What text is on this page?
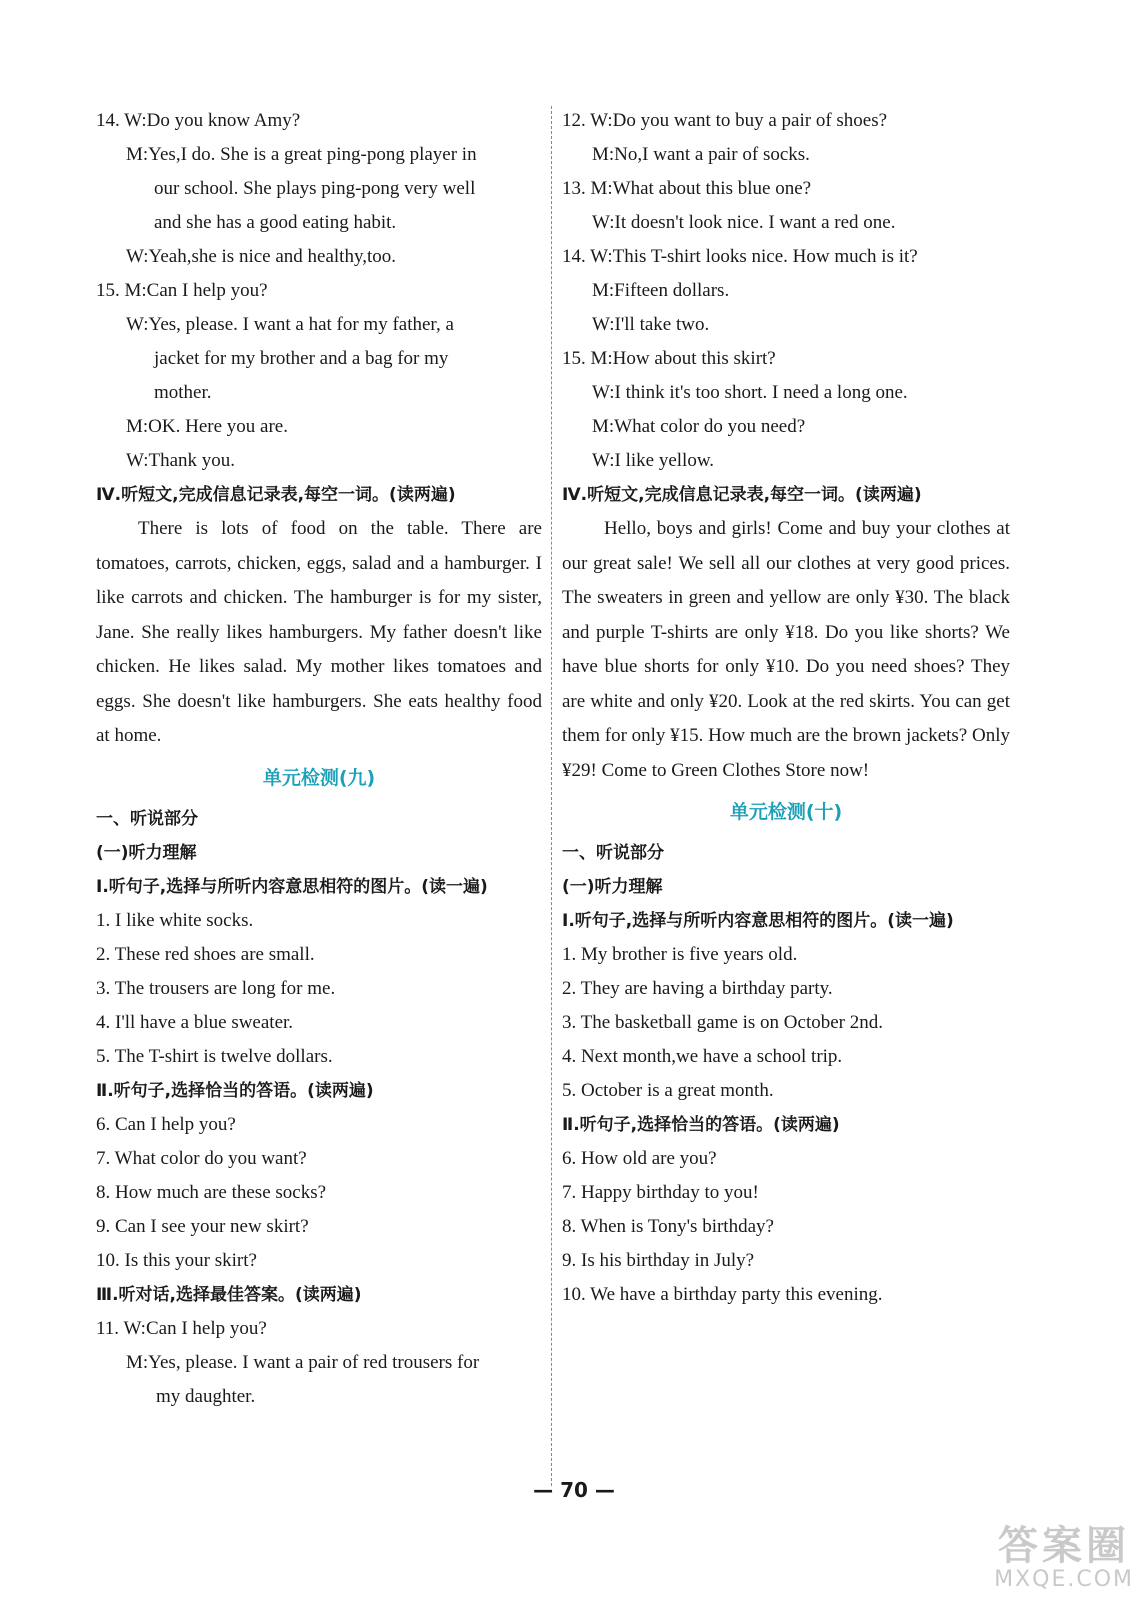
14. W:Do you know Amy?
M:Yes,I do. She is a great ping-pong player in
our school. She plays ping-pong very well
and she has a good eating habit.
W:Yeah,she is nice and healthy,too.
15. M:Can I help you?
W:Yes, please. I want a hat for my father, a
jacket for my brother and a bag for my
mother.
M:OK. Here you are.
W:Thank you.
Ⅳ.听短文,完成信息记录表,每空一词。(读两遍)
There is lots of food on the table. There are tomatoes, carrots, chicken, eggs, salad and a hamburger. I like carrots and chicken. The hamburger is for my sister, Jane. She really likes hamburgers. My father doesn't like chicken. He likes salad. My mother likes tomatoes and eggs. She doesn't like hamburgers. She eats healthy food at home.
单元检测(九)
一、听说部分
(一)听力理解
Ⅰ.听句子,选择与所听内容意思相符的图片。(读一遍)
1. I like white socks.
2. These red shoes are small.
3. The trousers are long for me.
4. I'll have a blue sweater.
5. The T-shirt is twelve dollars.
Ⅱ.听句子,选择恰当的答语。(读两遍)
6. Can I help you?
7. What color do you want?
8. How much are these socks?
9. Can I see your new skirt?
10. Is this your skirt?
Ⅲ.听对话,选择最佳答案。(读两遍)
11. W:Can I help you?
M:Yes, please. I want a pair of red trousers for
my daughter.
12. W:Do you want to buy a pair of shoes?
M:No,I want a pair of socks.
13. M:What about this blue one?
W:It doesn't look nice. I want a red one.
14. W:This T-shirt looks nice. How much is it?
M:Fifteen dollars.
W:I'll take two.
15. M:How about this skirt?
W:I think it's too short. I need a long one.
M:What color do you need?
W:I like yellow.
Ⅳ.听短文,完成信息记录表,每空一词。(读两遍)
Hello, boys and girls! Come and buy your clothes at our great sale! We sell all our clothes at very good prices. The sweaters in green and yellow are only ¥30. The black and purple T-shirts are only ¥18. Do you like shorts? We have blue shorts for only ¥10. Do you need shoes? They are white and only ¥20. Look at the red skirts. You can get them for only ¥15. How much are the brown jackets? Only ¥29! Come to Green Clothes Store now!
单元检测(十)
一、听说部分
(一)听力理解
Ⅰ.听句子,选择与所听内容意思相符的图片。(读一遍)
1. My brother is five years old.
2. They are having a birthday party.
3. The basketball game is on October 2nd.
4. Next month,we have a school trip.
5. October is a great month.
Ⅱ.听句子,选择恰当的答语。(读两遍)
6. How old are you?
7. Happy birthday to you!
8. When is Tony's birthday?
9. Is his birthday in July?
10. We have a birthday party this evening.
— 70 —
答案圈
MXQE.COM
